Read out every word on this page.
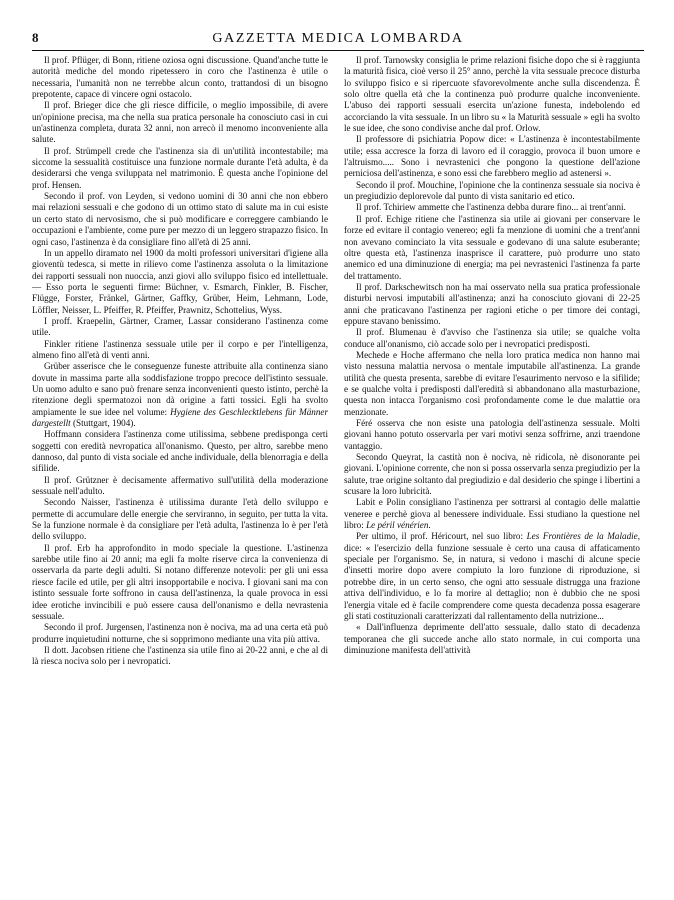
8	GAZZETTA MEDICA LOMBARDA

Il prof. Pflüger, di Bonn, ritiene oziosa ogni discussione. Quand'anche tutte le autorità mediche del mondo ripetessero in coro che l'astinenza è utile o necessaria, l'umanità non ne terrebbe alcun conto, trattandosi di un bisogno prepotente, capace di vincere ogni ostacolo.

Il prof. Brieger dice che gli riesce difficile, o meglio impossibile, di avere un'opinione precisa, ma che nella sua pratica personale ha conosciuto casi in cui un'astinenza completa, durata 32 anni, non arrecò il menomo inconveniente alla salute.

Il prof. Strümpell crede che l'astinenza sia di un'utilità incontestabile; ma siccome la sessualità costituisce una funzione normale durante l'età adulta, è da desiderarsi che venga sviluppata nel matrimonio. È questa anche l'opinione del prof. Hensen.

Secondo il prof. von Leyden, si vedono uomini di 30 anni che non ebbero mai relazioni sessuali e che godono di un ottimo stato di salute ma in cui esiste un certo stato di nervosismo, che si può modificare e correggere cambiando le occupazioni e l'ambiente, come pure per mezzo di un leggero strapazzo fisico. In ogni caso, l'astinenza è da consigliare fino all'età di 25 anni.

In un appello diramato nel 1900 da molti professori universitari d'igiene alla gioventù tedesca, si mette in rilievo come l'astinenza assoluta o la limitazione dei rapporti sessuali non nuoccia, anzi giovi allo sviluppo fisico ed intellettuale. — Esso porta le seguenti firme: Büchner, v. Esmarch, Finkler, B. Fischer, Flügge, Forster, Fränkel, Gärtner, Gaffky, Grüber, Heim, Lehmann, Lode, Löffler, Neisser, L. Pfeiffer, R. Pfeiffer, Prawnitz, Schottelius, Wyss.

I proff. Kraepelin, Gärtner, Cramer, Lassar considerano l'astinenza come utile.

Finkler ritiene l'astinenza sessuale utile per il corpo e per l'intelligenza, almeno fino all'età di venti anni.

Grüber asserisce che le conseguenze funeste attribuite alla continenza siano dovute in massima parte alla soddisfazione troppo precoce dell'istinto sessuale. Un uomo adulto e sano può frenare senza inconvenienti questo istinto, perchè la ritenzione degli spermatozoi non dà origine a fatti tossici. Egli ha svolto ampiamente le sue idee nel volume: Hygiene des Geschlecktlebens für Männer dargestellt (Stuttgart, 1904).

Hoffmann considera l'astinenza come utilissima, sebbene predisponga certi soggetti con eredità nevropatica all'onanismo. Questo, per altro, sarebbe meno dannoso, dal punto di vista sociale ed anche individuale, della blenorragia e della sifilide.

Il prof. Grützner è decisamente affermativo sull'utilità della moderazione sessuale nell'adulto.

Secondo Naisser, l'astinenza è utilissima durante l'età dello sviluppo e permette di accumulare delle energie che serviranno, in seguito, per tutta la vita. Se la funzione normale è da consigliare per l'età adulta, l'astinenza lo è per l'età dello sviluppo.

Il prof. Erb ha approfondito in modo speciale la questione. L'astinenza sarebbe utile fino ai 20 anni; ma egli fa molte riserve circa la convenienza di osservarla da parte degli adulti. Si notano differenze notevoli: per gli uni essa riesce facile ed utile, per gli altri insopportabile e nociva. I giovani sani ma con istinto sessuale forte soffrono in causa dell'astinenza, la quale provoca in essi idee erotiche invincibili e può essere causa dell'onanismo e della nevrastenia sessuale.

Secondo il prof. Jurgensen, l'astinenza non è nociva, ma ad una certa età può produrre inquietudini notturne, che si sopprimono mediante una vita più attiva.

Il dott. Jacobsen ritiene che l'astinenza sia utile fino ai 20-22 anni, e che al di là riesca nociva solo per i nevropatici.

Il prof. Tarnowsky consiglia le prime relazioni fisiche dopo che si è raggiunta la maturità fisica, cioè verso il 25° anno, perchè la vita sessuale precoce disturba lo sviluppo fisico e si ripercuote sfavorevolmente anche sulla discendenza. È solo oltre quella età che la continenza può produrre qualche inconveniente. L'abuso dei rapporti sessuali esercita un'azione funesta, indebolendo ed accorciando la vita sessuale. In un libro su « la Maturità sessuale » egli ha svolto le sue idee, che sono condivise anche dal prof. Orlow.

Il professore di psichiatria Popow dice: « L'astinenza è incontestabilmente utile; essa accresce la forza di lavoro ed il coraggio, provoca il buon umore e l'altruismo..... Sono i nevrastenici che pongono la questione dell'azione perniciosa dell'astinenza, e sono essi che farebbero meglio ad astenersi ».

Secondo il prof. Mouchine, l'opinione che la continenza sessuale sia nociva è un pregiudizio deplorevole dal punto di vista sanitario ed etico.

Il prof. Tchiriew ammette che l'astinenza debba durare fino... ai trent'anni.

Il prof. Echige ritiene che l'astinenza sia utile ai giovani per conservare le forze ed evitare il contagio venereo; egli fa menzione di uomini che a trent'anni non avevano cominciato la vita sessuale e godevano di una salute esuberante; oltre questa età, l'astinenza inasprisce il carattere, può produrre uno stato anemico ed una diminuzione di energia; ma pei nevrastenici l'astinenza fa parte del trattamento.

Il prof. Darkschewitsch non ha mai osservato nella sua pratica professionale disturbi nervosi imputabili all'astinenza; anzi ha conosciuto giovani di 22-25 anni che praticavano l'astinenza per ragioni etiche o per timore dei contagi, eppure stavano benissimo.

Il prof. Blumenau è d'avviso che l'astinenza sia utile; se qualche volta conduce all'onanismo, ciò accade solo per i nevropatici predisposti.

Mechede e Hoche affermano che nella loro pratica medica non hanno mai visto nessuna malattia nervosa o mentale imputabile all'astinenza. La grande utilità che questa presenta, sarebbe di evitare l'esaurimento nervoso e la sifilide; e se qualche volta i predisposti dall'eredità si abbandonano alla masturbazione, questa non intacca l'organismo così profondamente come le due malattie ora menzionate.

Féré osserva che non esiste una patologia dell'astinenza sessuale. Molti giovani hanno potuto osservarla per vari motivi senza soffrirne, anzi traendone vantaggio.

Secondo Queyrat, la castità non è nociva, nè ridicola, nè disonorante pei giovani. L'opinione corrente, che non si possa osservarla senza pregiudizio per la salute, trae origine soltanto dal pregiudizio e dal desiderio che spinge i libertini a scusare la loro lubricità.

Labit e Polin consigliano l'astinenza per sottrarsi al contagio delle malattie veneree e perchè giova al benessere individuale. Essi studiano la questione nel libro: Le péril vénérien.

Per ultimo, il prof. Héricourt, nel suo libro: Les Frontières de la Maladie, dice: « l'esercizio della funzione sessuale è certo una causa di affaticamento speciale per l'organismo. Se, in natura, si vedono i maschi di alcune specie d'insetti morire dopo avere compiuto la loro funzione di riproduzione, si potrebbe dire, in un certo senso, che ogni atto sessuale distrugga una frazione attiva dell'individuo, e lo fa morire al dettaglio; non è dubbio che ne sposi l'energia vitale ed è facile comprendere come questa decadenza possa esagerare gli stati costituzionali caratterizzati dal rallentamento della nutrizione...

« Dall'influenza deprimente dell'atto sessuale, dallo stato di decadenza temporanea che gli succede anche allo stato normale, in cui comporta una diminuzione manifesta dell'attività
